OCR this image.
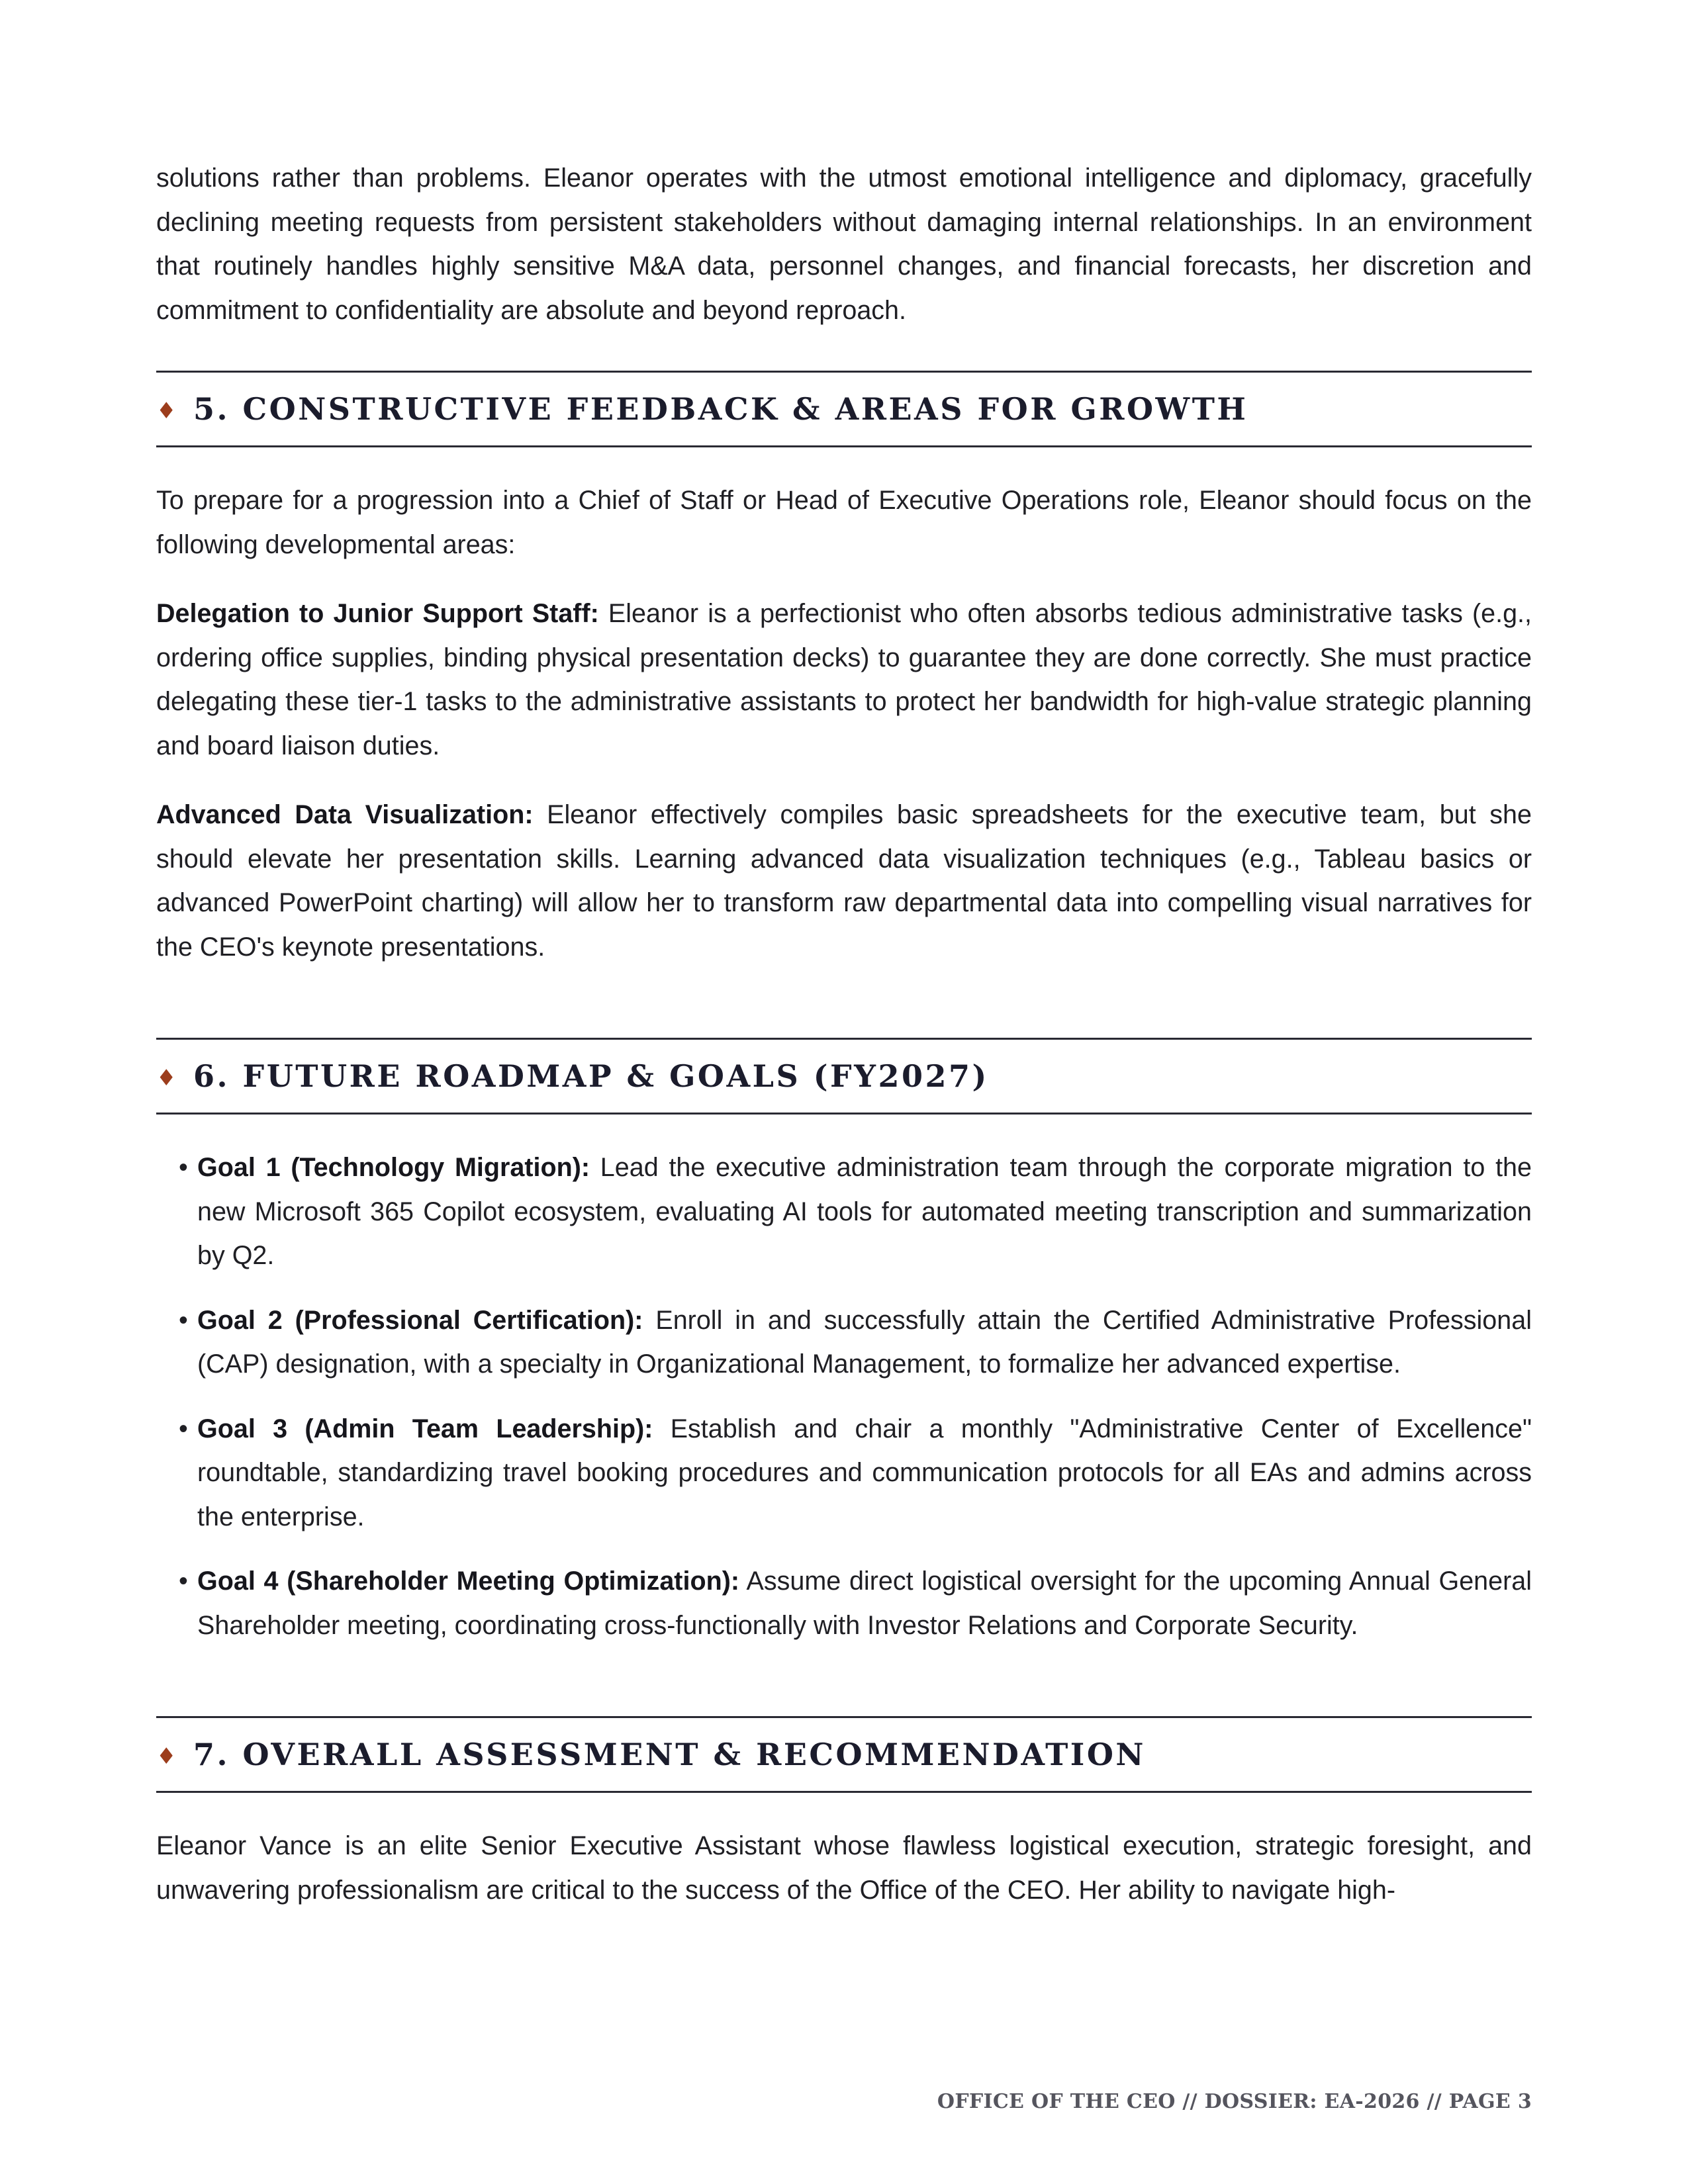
solutions rather than problems. Eleanor operates with the utmost emotional intelligence and diplomacy, gracefully declining meeting requests from persistent stakeholders without damaging internal relationships. In an environment that routinely handles highly sensitive M&A data, personnel changes, and financial forecasts, her discretion and commitment to confidentiality are absolute and beyond reproach.

♦ 5. CONSTRUCTIVE FEEDBACK & AREAS FOR GROWTH

To prepare for a progression into a Chief of Staff or Head of Executive Operations role, Eleanor should focus on the following developmental areas:

Delegation to Junior Support Staff: Eleanor is a perfectionist who often absorbs tedious administrative tasks (e.g., ordering office supplies, binding physical presentation decks) to guarantee they are done correctly. She must practice delegating these tier-1 tasks to the administrative assistants to protect her bandwidth for high-value strategic planning and board liaison duties.

Advanced Data Visualization: Eleanor effectively compiles basic spreadsheets for the executive team, but she should elevate her presentation skills. Learning advanced data visualization techniques (e.g., Tableau basics or advanced PowerPoint charting) will allow her to transform raw departmental data into compelling visual narratives for the CEO's keynote presentations.

♦ 6. FUTURE ROADMAP & GOALS (FY2027)
• Goal 1 (Technology Migration): Lead the executive administration team through the corporate migration to the new Microsoft 365 Copilot ecosystem, evaluating AI tools for automated meeting transcription and summarization by Q2.
• Goal 2 (Professional Certification): Enroll in and successfully attain the Certified Administrative Professional (CAP) designation, with a specialty in Organizational Management, to formalize her advanced expertise.
• Goal 3 (Admin Team Leadership): Establish and chair a monthly "Administrative Center of Excellence" roundtable, standardizing travel booking procedures and communication protocols for all EAs and admins across the enterprise.
• Goal 4 (Shareholder Meeting Optimization): Assume direct logistical oversight for the upcoming Annual General Shareholder meeting, coordinating cross-functionally with Investor Relations and Corporate Security.
♦ 7. OVERALL ASSESSMENT & RECOMMENDATION

Eleanor Vance is an elite Senior Executive Assistant whose flawless logistical execution, strategic foresight, and unwavering professionalism are critical to the success of the Office of the CEO. Her ability to navigate high-

OFFICE OF THE CEO // DOSSIER: EA-2026 // PAGE 3
